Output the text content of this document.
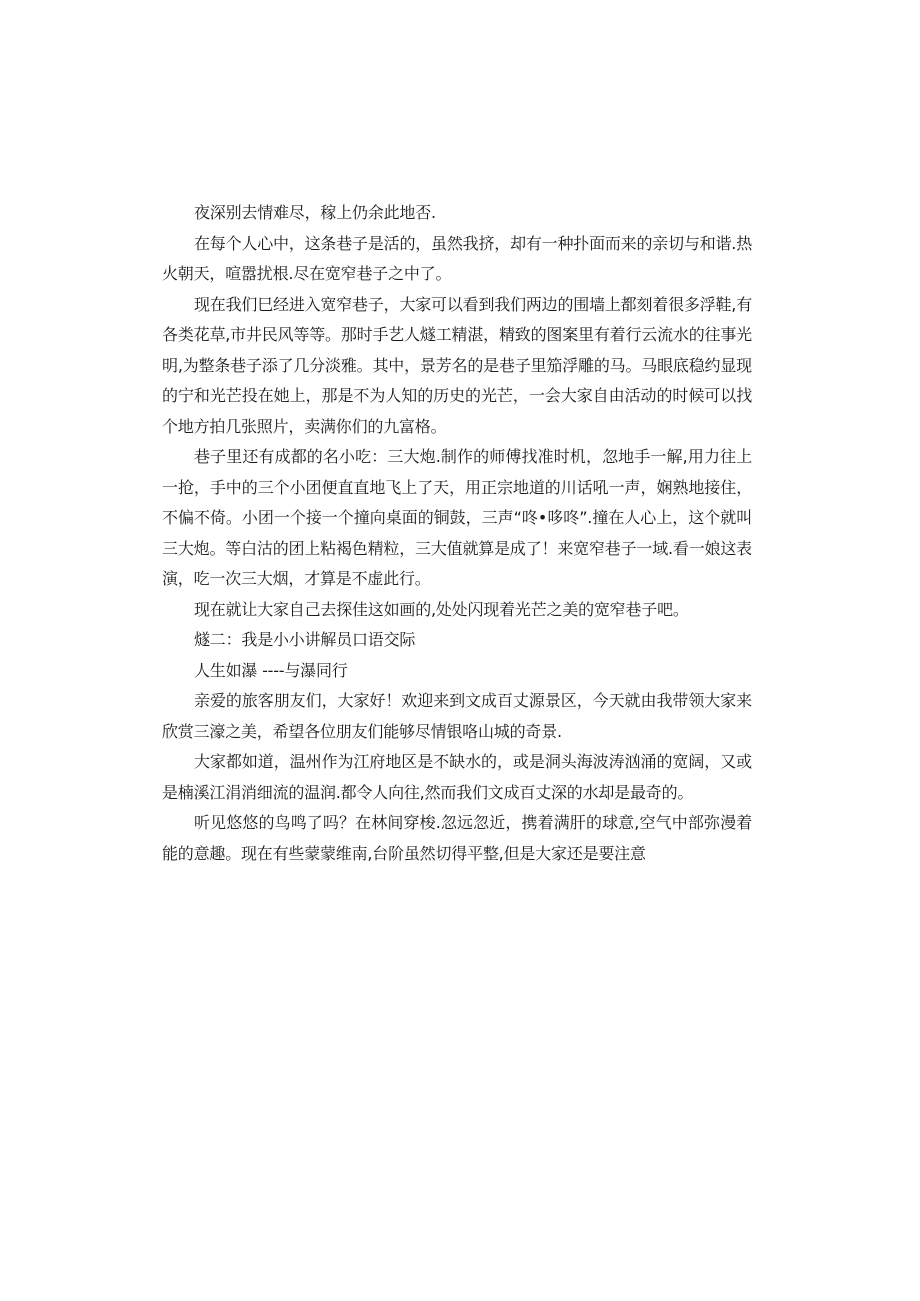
夜深别去情难尽，稼上仍余此地否.

在每个人心中，这条巷子是活的，虽然我挤，却有一种扑面而来的亲切与和谐.热火朝天，喧嚣扰根.尽在宽窄巷子之中了。

现在我们巳经进入宽窄巷子，大家可以看到我们两边的围墙上都刻着很多浮鞋,有各类花草,市井民风等等。那时手艺人燧工精湛，精致的图案里有着行云流水的往事光明,为整条巷子添了几分淡雅。其中，景芳名的是巷子里笳浮雕的马。马眼底稳约显现的宁和光芒投在她上，那是不为人知的历史的光芒，一会大家自由活动的时候可以找个地方拍几张照片，卖满你们的九富格。

巷子里还有成都的名小吃：三大炮.制作的师傅找准时机，忽地手一解,用力往上一抢，手中的三个小团便直直地飞上了天，用正宗地道的川话吼一声，娴熟地接住，不偏不倚。小团一个接一个撞向桌面的铜鼓，三声“咚•哆咚”.撞在人心上，这个就叫三大炮。等白沽的团上粘褐色精粒，三大值就算是成了！来宽窄巷子一域.看一娘这表演，吃一次三大烟，才算是不虚此行。

现在就让大家自己去探佳这如画的,处处闪现着光芒之美的宽窄巷子吧。

燧二：我是小小讲解员口语交际

人生如瀑 ----与瀑同行

亲爱的旅客朋友们，大家好！欢迎来到文成百丈源景区，今天就由我带领大家来欣赏三濠之美，希望各位朋友们能够尽情银咯山城的奇景.

大家都如道，温州作为江府地区是不缺水的，或是洞头海波涛汹涌的宽阔，又或是楠溪江涓消细流的温润.都令人向往,然而我们文成百丈深的水却是最奇的。

听见悠悠的鸟鸣了吗？在林间穿梭.忽远忽近，携着满肝的球意,空气中部弥漫着能的意趣。现在有些蒙蒙维南,台阶虽然切得平整,但是大家还是要注意
